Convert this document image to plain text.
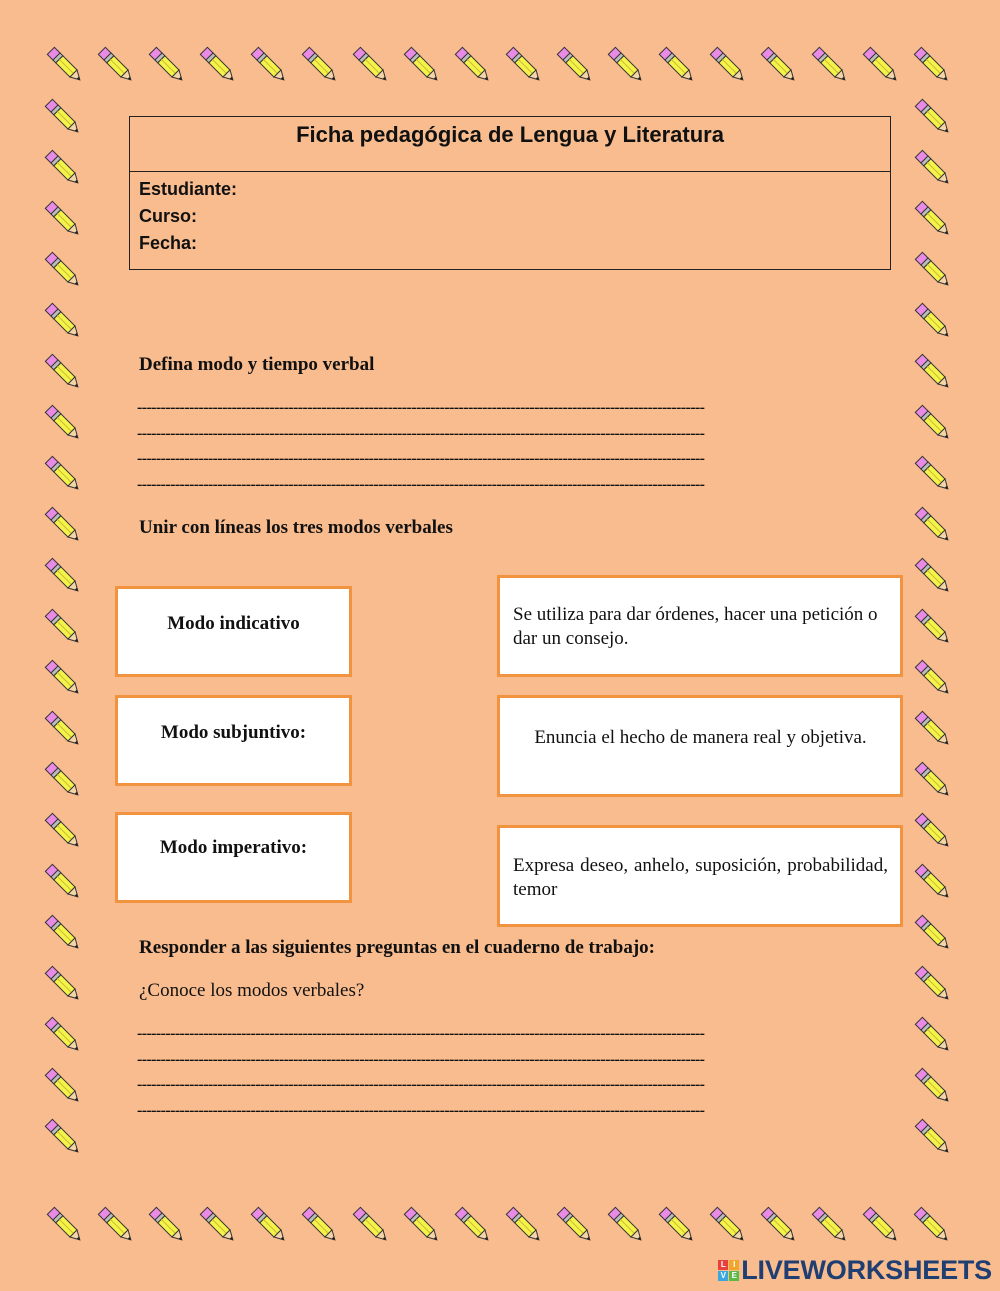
Ficha pedagógica de Lengua y Literatura
Estudiante:
Curso:
Fecha:
Defina modo y tiempo verbal
------------------------------------------------------------------------------------------------------------------------
------------------------------------------------------------------------------------------------------------------------
------------------------------------------------------------------------------------------------------------------------
------------------------------------------------------------------------------------------------------------------------
Unir con líneas los tres modos verbales
Modo indicativo
Modo subjuntivo:
Modo imperativo:
Se utiliza para dar órdenes, hacer una petición o dar un consejo.
Enuncia el hecho de manera real y objetiva.
Expresa deseo, anhelo, suposición, probabilidad, temor
Responder a las siguientes preguntas en el cuaderno de trabajo:
¿Conoce los modos verbales?
------------------------------------------------------------------------------------------------------------------------
------------------------------------------------------------------------------------------------------------------------
------------------------------------------------------------------------------------------------------------------------
------------------------------------------------------------------------------------------------------------------------
L I
V E LIVEWORKSHEETS
